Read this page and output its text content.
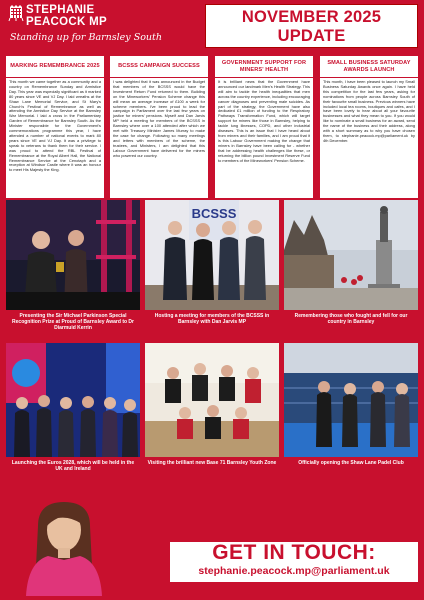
STEPHANIE
PEACOCK MP
Standing up for Barnsley South
NOVEMBER 2025
UPDATE
MARKING REMEMBRANCE 2025
This month we came together as a community and a country on Remembrance Sunday and Armistice Day. This year was especially significant as it marked 80 years since VE and VJ Day. I laid wreaths at the Shaw Lane Memorial Service, and St Mary's Church's Festival of Remembrance as well as attending the Armistice Day Service at the Barnsley War Memorial. I laid a cross in the Parliamentary Garden of Remembrance for Barnsley South. As the Minister responsible for the Government's commemorations programme this year, I have attended a number of national events to mark 80 years since VE and VJ Day. It was a privilege to speak to veterans to thank them for their service. I was proud to attend the RBL Festival of Remembrance at the Royal Albert Hall, the National Remembrance Service at the Cenotaph and a reception at Windsor Castle where it was an honour to meet His Majesty the King.
BCSSS CAMPAIGN SUCCESS
I was delighted that it was announced in the Budget that members of the BCSSS would have the Investment Return Fund returned to them. Building on the Mineworkers' Pension Scheme change this will mean an average increase of £100 a week for scheme members. I've been proud to lead the campaign in Parliament over the last few years on justice for miners' pensions. Myself and Dan Jarvis MP held a meeting for members of the BCSSS in Barnsley where over a 100 attended after which we met with Treasury Minister James Murray to make the case for change. Following so many meetings and letters with members of the scheme, the trustees, and Ministers, I am delighted that this Labour Government have delivered for the miners who powered our country.
GOVERNMENT SUPPORT FOR MINERS' HEALTH
It is brilliant news that the Government have announced our landmark Men's Health Strategy. This will aim to tackle the health inequalities that men across the country experience, including encouraging cancer diagnoses and preventing male suicides. As part of the strategy, the Government have also dedicated £1 million of funding to the Respiratory Pathways Transformation Fund, which will target support for miners like those in Barnsley, helping to tackle lung illnesses, COPD, and other industrial diseases. This is an issue that I have heard about from miners and their families, and I am proud that it is this Labour Government making the change that miners in Barnsley have been calling for - whether that be addressing health challenges like these, or returning the billion pound Investment Reserve Fund to members of the Mineworkers' Pension Scheme.
SMALL BUSINESS SATURDAY AWARDS LAUNCH
This month, I have been pleased to launch my Small Business Saturday Awards once again. I have held this competition for the last few years, asking for nominations from people across Barnsley South of their favourite small business. Previous winners have included local tea rooms, boutiques and cafes, and I have been lovely to hear about all your favourite businesses and what they mean to you. If you would like to nominate a small business for an award, send the name of the business and their address, along with a short summary as to why you have chosen them, to stephanie.peacock.mp@parliament.uk by 4th December.
Presenting the Sir Michael Parkinson Special Recognition Prize at Proud of Barnsley Award to Dr Diarmuid Kerrin
BCSSS
Hosting a meeting for members of the BCSSS in Barnsley with Dan Jarvis MP
Remembering those who fought and fell for our country in Barnsley
Launching the Euros 2028, which will be held in the UK and Ireland
Visiting the brilliant new Base 71 Barnsley Youth Zone	Officially opening the Shaw Lane Padel Club
GET IN TOUCH:
stephanie.peacock.mp@parliament.uk
